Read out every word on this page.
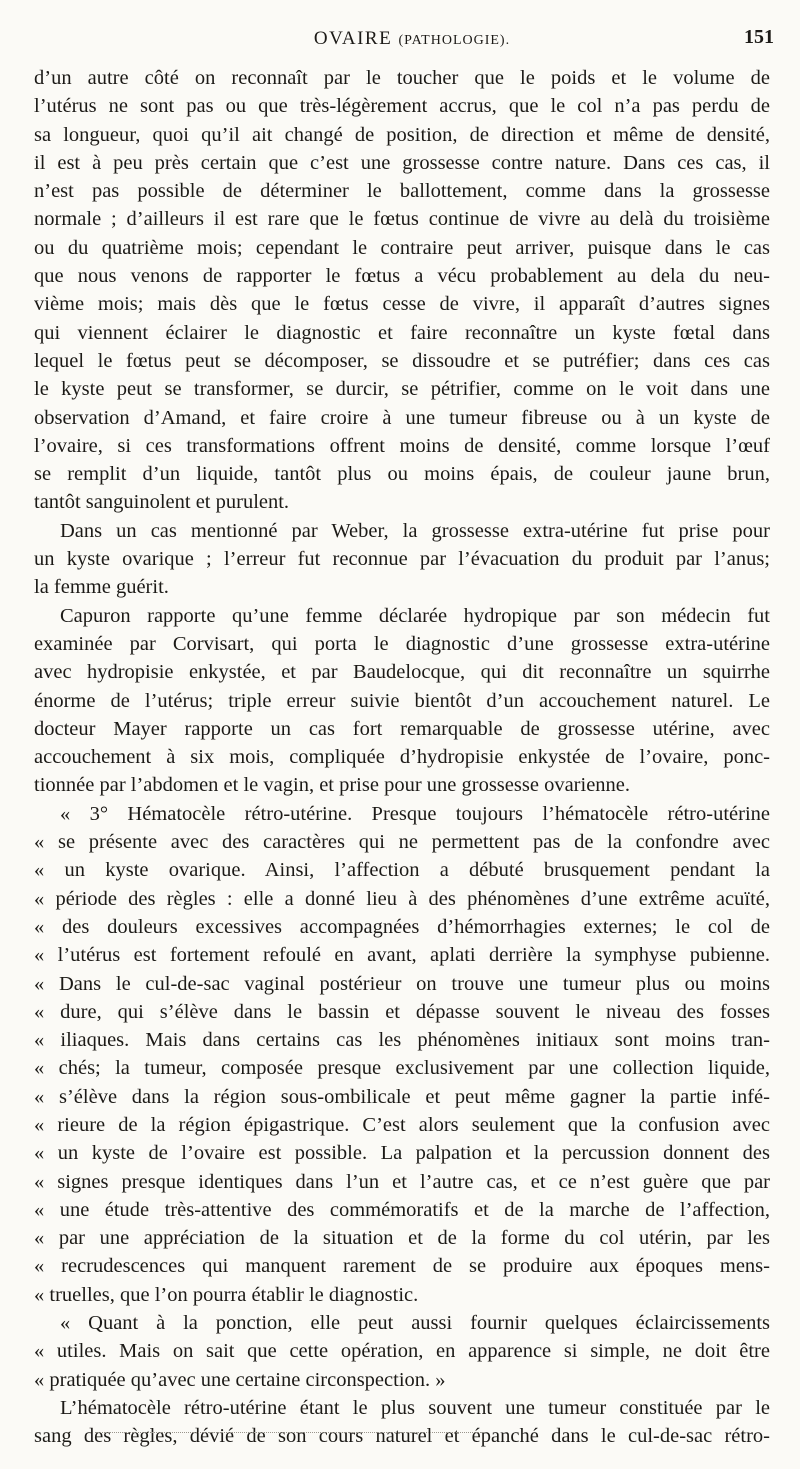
OVAIRE (PATHOLOGIE).	151
d’un autre côté on reconnaît par le toucher que le poids et le volume de
l’utérus ne sont pas ou que très-légèrement accrus, que le col n’a pas perdu de
sa longueur, quoi qu’il ait changé de position, de direction et même de densité,
il est à peu près certain que c’est une grossesse contre nature. Dans ces cas, il
n’est pas possible de déterminer le ballottement, comme dans la grossesse
normale ; d’ailleurs il est rare que le fœtus continue de vivre au delà du troisième
ou du quatrième mois; cependant le contraire peut arriver, puisque dans le cas
que nous venons de rapporter le fœtus a vécu probablement au dela du neu-
vième mois; mais dès que le fœtus cesse de vivre, il apparaît d’autres signes
qui viennent éclairer le diagnostic et faire reconnaître un kyste fœtal dans
lequel le fœtus peut se décomposer, se dissoudre et se putréfier; dans ces cas
le kyste peut se transformer, se durcir, se pétrifier, comme on le voit dans une
observation d’Amand, et faire croire à une tumeur fibreuse ou à un kyste de
l’ovaire, si ces transformations offrent moins de densité, comme lorsque l’œuf
se remplit d’un liquide, tantôt plus ou moins épais, de couleur jaune brun,
tantôt sanguinolent et purulent.
Dans un cas mentionné par Weber, la grossesse extra-utérine fut prise pour
un kyste ovarique ; l’erreur fut reconnue par l’évacuation du produit par l’anus;
la femme guérit.
Capuron rapporte qu’une femme déclarée hydropique par son médecin fut
examinée par Corvisart, qui porta le diagnostic d’une grossesse extra-utérine
avec hydropisie enkystée, et par Baudelocque, qui dit reconnaître un squirrhe
énorme de l’utérus; triple erreur suivie bientôt d’un accouchement naturel. Le
docteur Mayer rapporte un cas fort remarquable de grossesse utérine, avec
accouchement à six mois, compliquée d’hydropisie enkystée de l’ovaire, ponc-
tionnée par l’abdomen et le vagin, et prise pour une grossesse ovarienne.
« 3° Hématocèle rétro-utérine. Presque toujours l’hématocèle rétro-utérine
« se présente avec des caractères qui ne permettent pas de la confondre avec
« un kyste ovarique. Ainsi, l’affection a débuté brusquement pendant la
« période des règles : elle a donné lieu à des phénomènes d’une extrême acuïté,
« des douleurs excessives accompagnées d’hémorrhagies externes; le col de
« l’utérus est fortement refoulé en avant, aplati derrière la symphyse pubienne.
« Dans le cul-de-sac vaginal postérieur on trouve une tumeur plus ou moins
« dure, qui s’élève dans le bassin et dépasse souvent le niveau des fosses
« iliaques. Mais dans certains cas les phénomènes initiaux sont moins tran-
« chés; la tumeur, composée presque exclusivement par une collection liquide,
« s’élève dans la région sous-ombilicale et peut même gagner la partie infé-
« rieure de la région épigastrique. C’est alors seulement que la confusion avec
« un kyste de l’ovaire est possible. La palpation et la percussion donnent des
« signes presque identiques dans l’un et l’autre cas, et ce n’est guère que par
« une étude très-attentive des commémoratifs et de la marche de l’affection,
« par une appréciation de la situation et de la forme du col utérin, par les
« recrudescences qui manquent rarement de se produire aux époques mens-
« truelles, que l’on pourra établir le diagnostic.
« Quant à la ponction, elle peut aussi fournir quelques éclaircissements
« utiles. Mais on sait que cette opération, en apparence si simple, ne doit être
« pratiquée qu’avec une certaine circonspection. »
L’hématocèle rétro-utérine étant le plus souvent une tumeur constituée par le
sang des règles, dévié de son cours naturel et épanché dans le cul-de-sac rétro-
